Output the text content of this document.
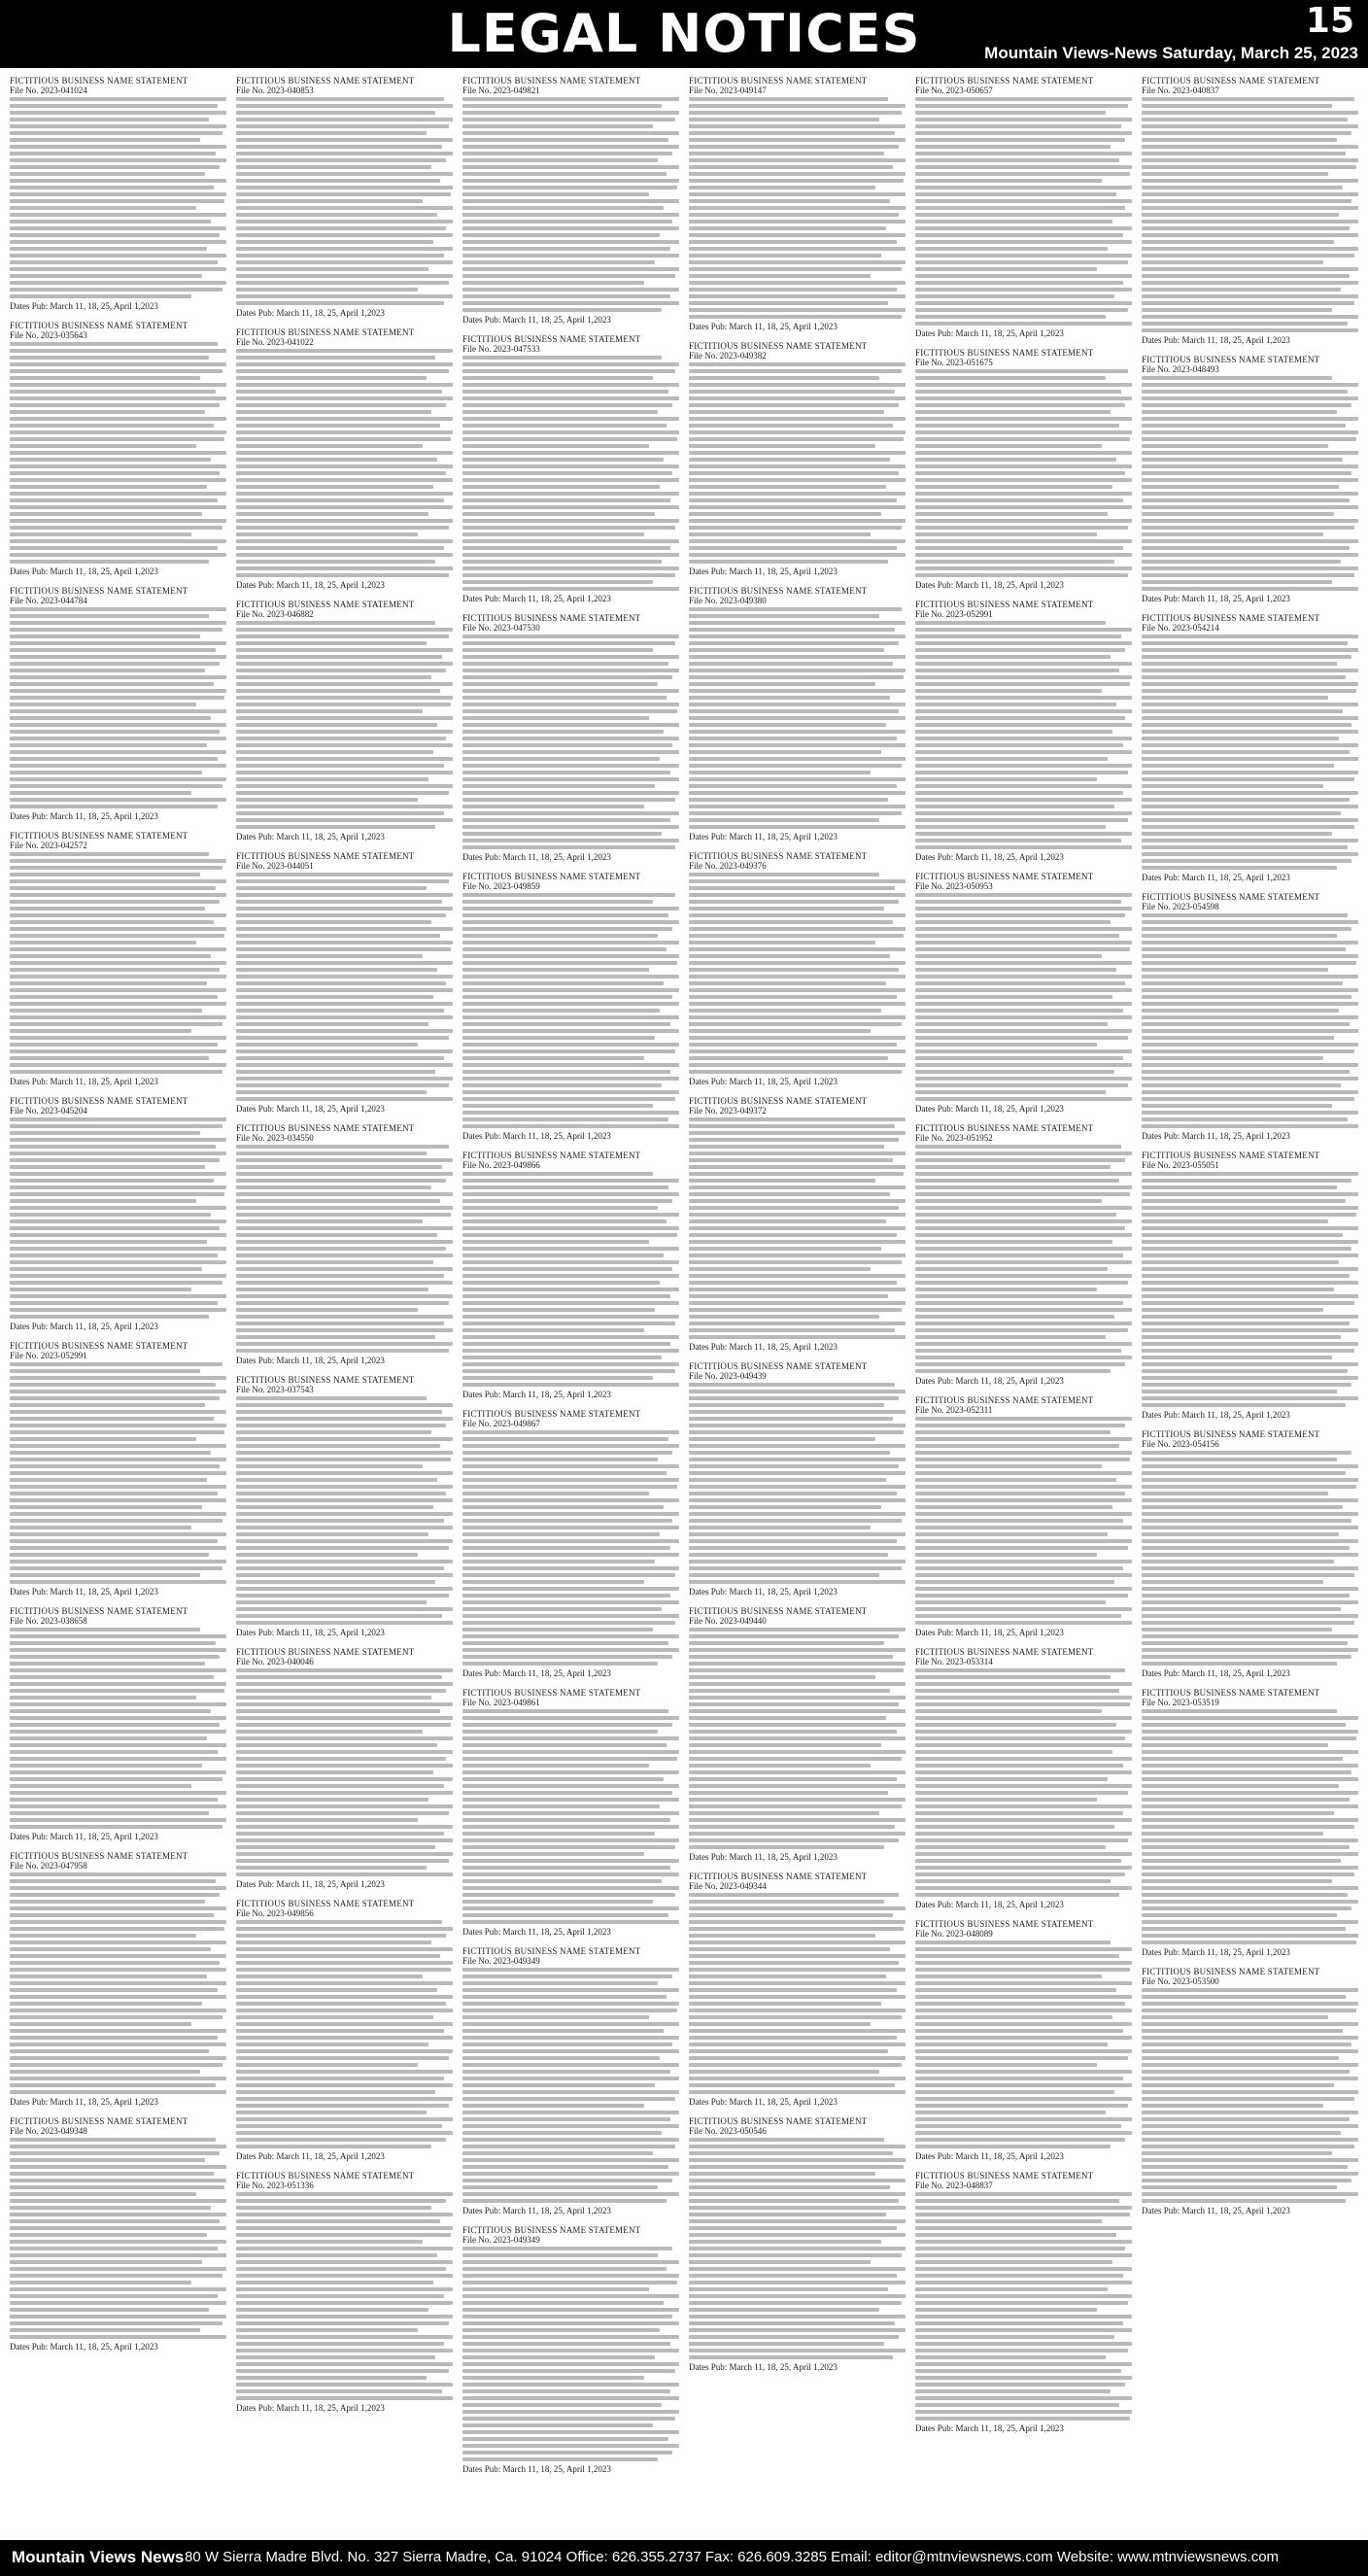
LEGAL NOTICES	15
Mountain Views-News Saturday, March 25, 2023
FICTITIOUS BUSINESS NAME STATEMENT
File No. 2023-041024
Dates Pub: March 11, 18, 25, April 1,2023
FICTITIOUS BUSINESS NAME STATEMENT
File No. 2023-035643
Dates Pub: March 11, 18, 25, April 1,2023
FICTITIOUS BUSINESS NAME STATEMENT
File No. 2023-044784
Dates Pub: March 11, 18, 25, April 1,2023
FICTITIOUS BUSINESS NAME STATEMENT
File No. 2023-042572
Dates Pub: March 11, 18, 25, April 1,2023
FICTITIOUS BUSINESS NAME STATEMENT
File No. 2023-045204
Dates Pub: March 11, 18, 25, April 1,2023
FICTITIOUS BUSINESS NAME STATEMENT
File No. 2023-052991
Dates Pub: March 11, 18, 25, April 1,2023
FICTITIOUS BUSINESS NAME STATEMENT
File No. 2023-038658
Dates Pub: March 11, 18, 25, April 1,2023
FICTITIOUS BUSINESS NAME STATEMENT
File No. 2023-047958
Dates Pub: March 11, 18, 25, April 1,2023
FICTITIOUS BUSINESS NAME STATEMENT
File No. 2023-049348
Dates Pub: March 11, 18, 25, April 1,2023
FICTITIOUS BUSINESS NAME STATEMENT
File No. 2023-040853
Dates Pub: March 11, 18, 25, April 1,2023
FICTITIOUS BUSINESS NAME STATEMENT
File No. 2023-041022
Dates Pub: March 11, 18, 25, April 1,2023
FICTITIOUS BUSINESS NAME STATEMENT
File No. 2023-046882
Dates Pub: March 11, 18, 25, April 1,2023
FICTITIOUS BUSINESS NAME STATEMENT
File No. 2023-044051
Dates Pub: March 11, 18, 25, April 1,2023
FICTITIOUS BUSINESS NAME STATEMENT
File No. 2023-034550
Dates Pub: March 11, 18, 25, April 1,2023
FICTITIOUS BUSINESS NAME STATEMENT
File No. 2023-037543
Dates Pub: March 11, 18, 25, April 1,2023
FICTITIOUS BUSINESS NAME STATEMENT
File No. 2023-040046
Dates Pub: March 11, 18, 25, April 1,2023
FICTITIOUS BUSINESS NAME STATEMENT
File No. 2023-049856
Dates Pub: March 11, 18, 25, April 1,2023
FICTITIOUS BUSINESS NAME STATEMENT
File No. 2023-051336
Dates Pub: March 11, 18, 25, April 1,2023
FICTITIOUS BUSINESS NAME STATEMENT
File No. 2023-049821
Dates Pub: March 11, 18, 25, April 1,2023
FICTITIOUS BUSINESS NAME STATEMENT
File No. 2023-047533
Dates Pub: March 11, 18, 25, April 1,2023
FICTITIOUS BUSINESS NAME STATEMENT
File No. 2023-047530
Dates Pub: March 11, 18, 25, April 1,2023
FICTITIOUS BUSINESS NAME STATEMENT
File No. 2023-049859
Dates Pub: March 11, 18, 25, April 1,2023
FICTITIOUS BUSINESS NAME STATEMENT
File No. 2023-049866
Dates Pub: March 11, 18, 25, April 1,2023
FICTITIOUS BUSINESS NAME STATEMENT
File No. 2023-049867
Dates Pub: March 11, 18, 25, April 1,2023
FICTITIOUS BUSINESS NAME STATEMENT
File No. 2023-049861
Dates Pub: March 11, 18, 25, April 1,2023
FICTITIOUS BUSINESS NAME STATEMENT
File No. 2023-049349
Dates Pub: March 11, 18, 25, April 1,2023
FICTITIOUS BUSINESS NAME STATEMENT
File No. 2023-049349
Dates Pub: March 11, 18, 25, April 1,2023
FICTITIOUS BUSINESS NAME STATEMENT
File No. 2023-049147
Dates Pub: March 11, 18, 25, April 1,2023
FICTITIOUS BUSINESS NAME STATEMENT
File No. 2023-049382
Dates Pub: March 11, 18, 25, April 1,2023
FICTITIOUS BUSINESS NAME STATEMENT
File No. 2023-049380
Dates Pub: March 11, 18, 25, April 1,2023
FICTITIOUS BUSINESS NAME STATEMENT
File No. 2023-049376
Dates Pub: March 11, 18, 25, April 1,2023
FICTITIOUS BUSINESS NAME STATEMENT
File No. 2023-049372
Dates Pub: March 11, 18, 25, April 1,2023
FICTITIOUS BUSINESS NAME STATEMENT
File No. 2023-049439
Dates Pub: March 11, 18, 25, April 1,2023
FICTITIOUS BUSINESS NAME STATEMENT
File No. 2023-049440
Dates Pub: March 11, 18, 25, April 1,2023
FICTITIOUS BUSINESS NAME STATEMENT
File No. 2023-049344
Dates Pub: March 11, 18, 25, April 1,2023
FICTITIOUS BUSINESS NAME STATEMENT
File No. 2023-050546
Dates Pub: March 11, 18, 25, April 1,2023
FICTITIOUS BUSINESS NAME STATEMENT
File No. 2023-050657
Dates Pub: March 11, 18, 25, April 1,2023
FICTITIOUS BUSINESS NAME STATEMENT
File No. 2023-051675
Dates Pub: March 11, 18, 25, April 1,2023
FICTITIOUS BUSINESS NAME STATEMENT
File No. 2023-052991
Dates Pub: March 11, 18, 25, April 1,2023
FICTITIOUS BUSINESS NAME STATEMENT
File No. 2023-050953
Dates Pub: March 11, 18, 25, April 1,2023
FICTITIOUS BUSINESS NAME STATEMENT
File No. 2023-051952
Dates Pub: March 11, 18, 25, April 1,2023
FICTITIOUS BUSINESS NAME STATEMENT
File No. 2023-052311
Dates Pub: March 11, 18, 25, April 1,2023
FICTITIOUS BUSINESS NAME STATEMENT
File No. 2023-053314
Dates Pub: March 11, 18, 25, April 1,2023
FICTITIOUS BUSINESS NAME STATEMENT
File No. 2023-048089
Dates Pub: March 11, 18, 25, April 1,2023
FICTITIOUS BUSINESS NAME STATEMENT
File No. 2023-048837
Dates Pub: March 11, 18, 25, April 1,2023
FICTITIOUS BUSINESS NAME STATEMENT
File No. 2023-040837
Dates Pub: March 11, 18, 25, April 1,2023
FICTITIOUS BUSINESS NAME STATEMENT
File No. 2023-048493
Dates Pub: March 11, 18, 25, April 1,2023
FICTITIOUS BUSINESS NAME STATEMENT
File No. 2023-054214
Dates Pub: March 11, 18, 25, April 1,2023
FICTITIOUS BUSINESS NAME STATEMENT
File No. 2023-054598
Dates Pub: March 11, 18, 25, April 1,2023
FICTITIOUS BUSINESS NAME STATEMENT
File No. 2023-055051
Dates Pub: March 11, 18, 25, April 1,2023
FICTITIOUS BUSINESS NAME STATEMENT
File No. 2023-054156
Dates Pub: March 11, 18, 25, April 1,2023
FICTITIOUS BUSINESS NAME STATEMENT
File No. 2023-053519
Dates Pub: March 11, 18, 25, April 1,2023
FICTITIOUS BUSINESS NAME STATEMENT
File No. 2023-053500
Dates Pub: March 11, 18, 25, April 1,2023
Mountain Views News 80 W Sierra Madre Blvd. No. 327 Sierra Madre, Ca. 91024 Office: 626.355.2737 Fax: 626.609.3285 Email: editor@mtnviewsnews.com Website: www.mtnviewsnews.com
